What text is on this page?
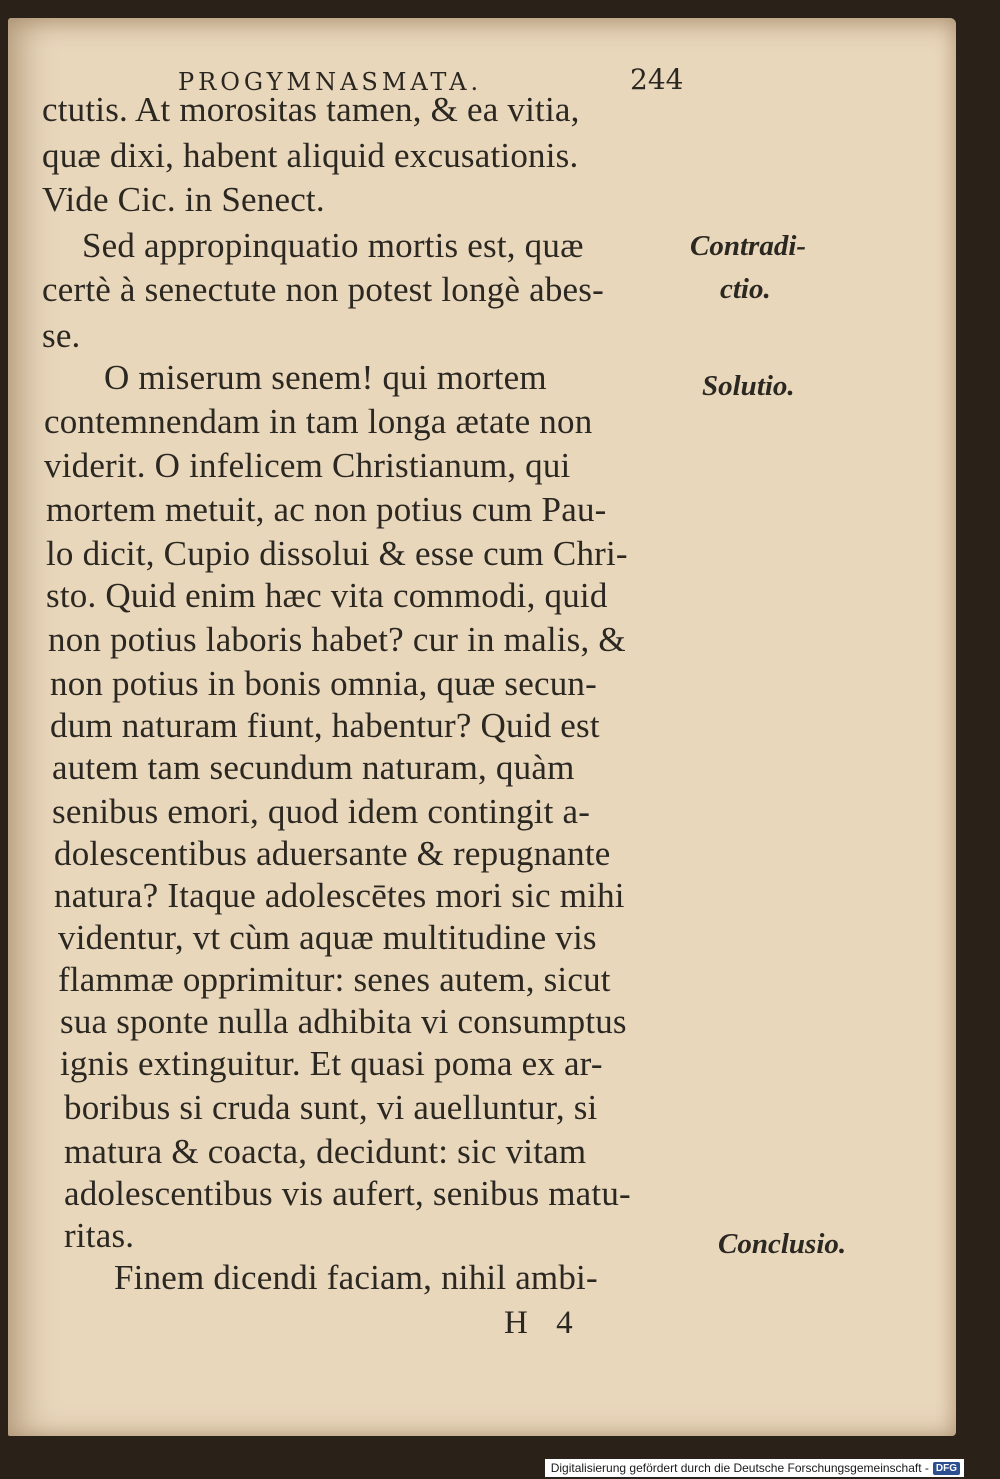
PROGYMNASMATA.	244
ctutis. At morositas tamen, & ea vitia,
quæ dixi, habent aliquid excusationis.
Vide Cic. in Senect.
Sed appropinquatio mortis est, quæ
certè à senectute non potest longè abes-
se.
O miserum senem! qui mortem
contemnendam in tam longa ætate non
viderit. O infelicem Christianum, qui
mortem metuit, ac non potius cum Pau-
lo dicit, Cupio dissolui & esse cum Chri-
sto. Quid enim hæc vita commodi, quid
non potius laboris habet? cur in malis, &
non potius in bonis omnia, quæ secun-
dum naturam fiunt, habentur? Quid est
autem tam secundum naturam, quàm
senibus emori, quod idem contingit a-
dolescentibus aduersante & repugnante
natura? Itaque adolescētes mori sic mihi
videntur, vt cùm aquæ multitudine vis
flammæ opprimitur: senes autem, sicut
sua sponte nulla adhibita vi consumptus
ignis extinguitur. Et quasi poma ex ar-
boribus si cruda sunt, vi auelluntur, si
matura & coacta, decidunt: sic vitam
adolescentibus vis aufert, senibus matu-
ritas.
Finem dicendi faciam, nihil ambi-
Contradi-
ctio.
Solutio.
Conclusio.
H 4
Digitalisierung gefördert durch die Deutsche Forschungsgemeinschaft - DFG
